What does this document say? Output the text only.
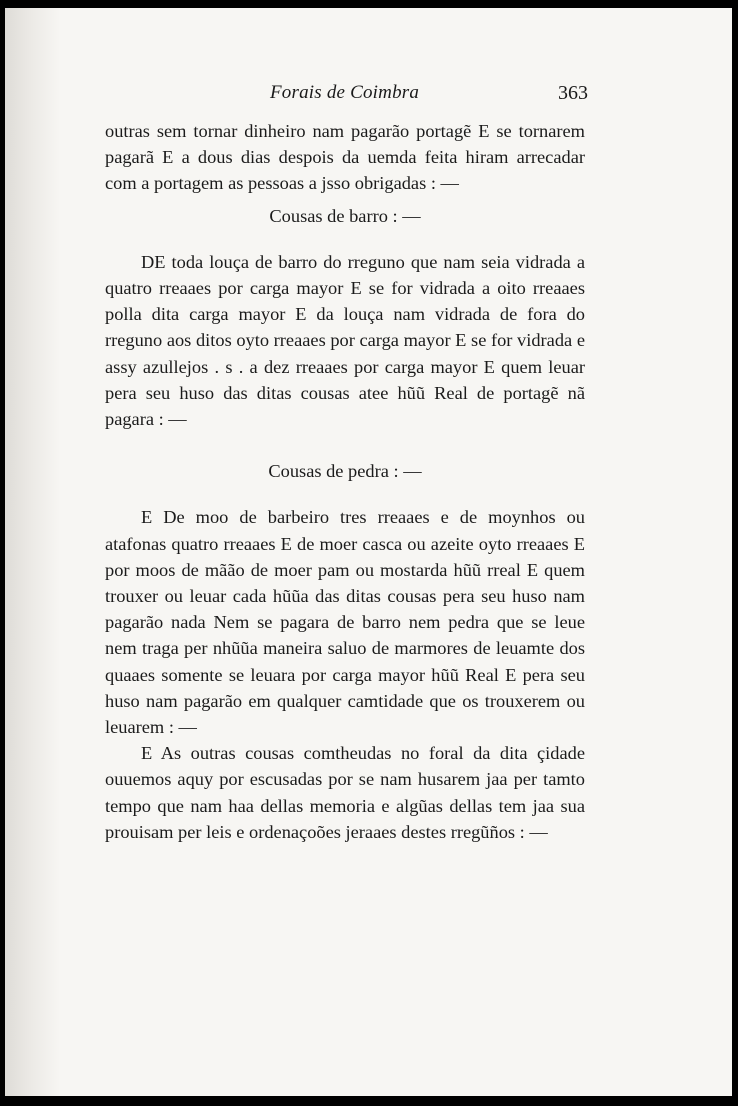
Forais de Coimbra	363

outras sem tornar dinheiro nam pagarão portagẽ E se tornarem pagarã E a dous dias despois da uemda feita hiram arrecadar com a portagem as pessoas a jsso obrigadas : —

Cousas de barro : —

DE toda louça de barro do rreguno que nam seia vidrada a quatro rreaaes por carga mayor E se for vidrada a oito rreaaes polla dita carga mayor E da louça nam vidrada de fora do rreguno aos ditos oyto rreaaes por carga mayor E se for vidrada e assy azullejos . s . a dez rreaaes por carga mayor E quem leuar pera seu huso das ditas cousas atee hũũ Real de portagẽ nã pagara : —

Cousas de pedra : —

E De moo de barbeiro tres rreaaes e de moynhos ou atafonas quatro rreaaes E de moer casca ou azeite oyto rreaaes E por moos de mãão de moer pam ou mostarda hũũ rreal E quem trouxer ou leuar cada hũũa das ditas cousas pera seu huso nam pagarão nada Nem se pagara de barro nem pedra que se leue nem traga per nhũũa maneira saluo de marmores de leuamte dos quaaes somente se leuara por carga mayor hũũ Real E pera seu huso nam pagarão em qualquer camtidade que os trouxerem ou leuarem : —

E As outras cousas comtheudas no foral da dita çidade ouuemos aquy por escusadas por se nam husarem jaa per tamto tempo que nam haa dellas memoria e algũas dellas tem jaa sua prouisam per leis e ordenaçoões jeraaes destes rregũños : —
